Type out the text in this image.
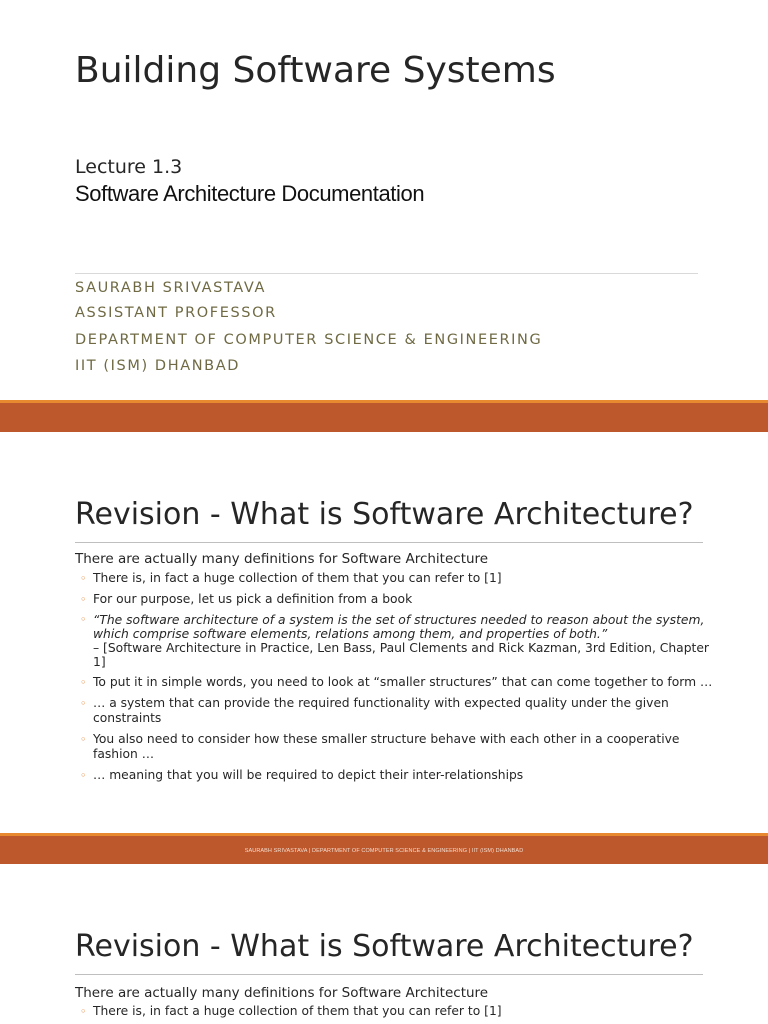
Building Software Systems
Lecture 1.3
Software Architecture Documentation
SAURABH SRIVASTAVA
ASSISTANT PROFESSOR
DEPARTMENT OF COMPUTER SCIENCE & ENGINEERING
IIT (ISM) DHANBAD
Revision - What is Software Architecture?
There are actually many definitions for Software Architecture
◦ There is, in fact a huge collection of them that you can refer to [1]
◦ For our purpose, let us pick a definition from a book
◦ “The software architecture of a system is the set of structures needed to reason about the system, which comprise software elements, relations among them, and properties of both.”
– [Software Architecture in Practice, Len Bass, Paul Clements and Rick Kazman, 3rd Edition, Chapter 1]
◦ To put it in simple words, you need to look at “smaller structures” that can come together to form …
◦ … a system that can provide the required functionality with expected quality under the given constraints
◦ You also need to consider how these smaller structure behave with each other in a cooperative fashion …
◦ … meaning that you will be required to depict their inter-relationships
SAURABH SRIVASTAVA | DEPARTMENT OF COMPUTER SCIENCE & ENGINEERING | IIT (ISM) DHANBAD
Revision - What is Software Architecture?
There are actually many definitions for Software Architecture
◦ There is, in fact a huge collection of them that you can refer to [1]
